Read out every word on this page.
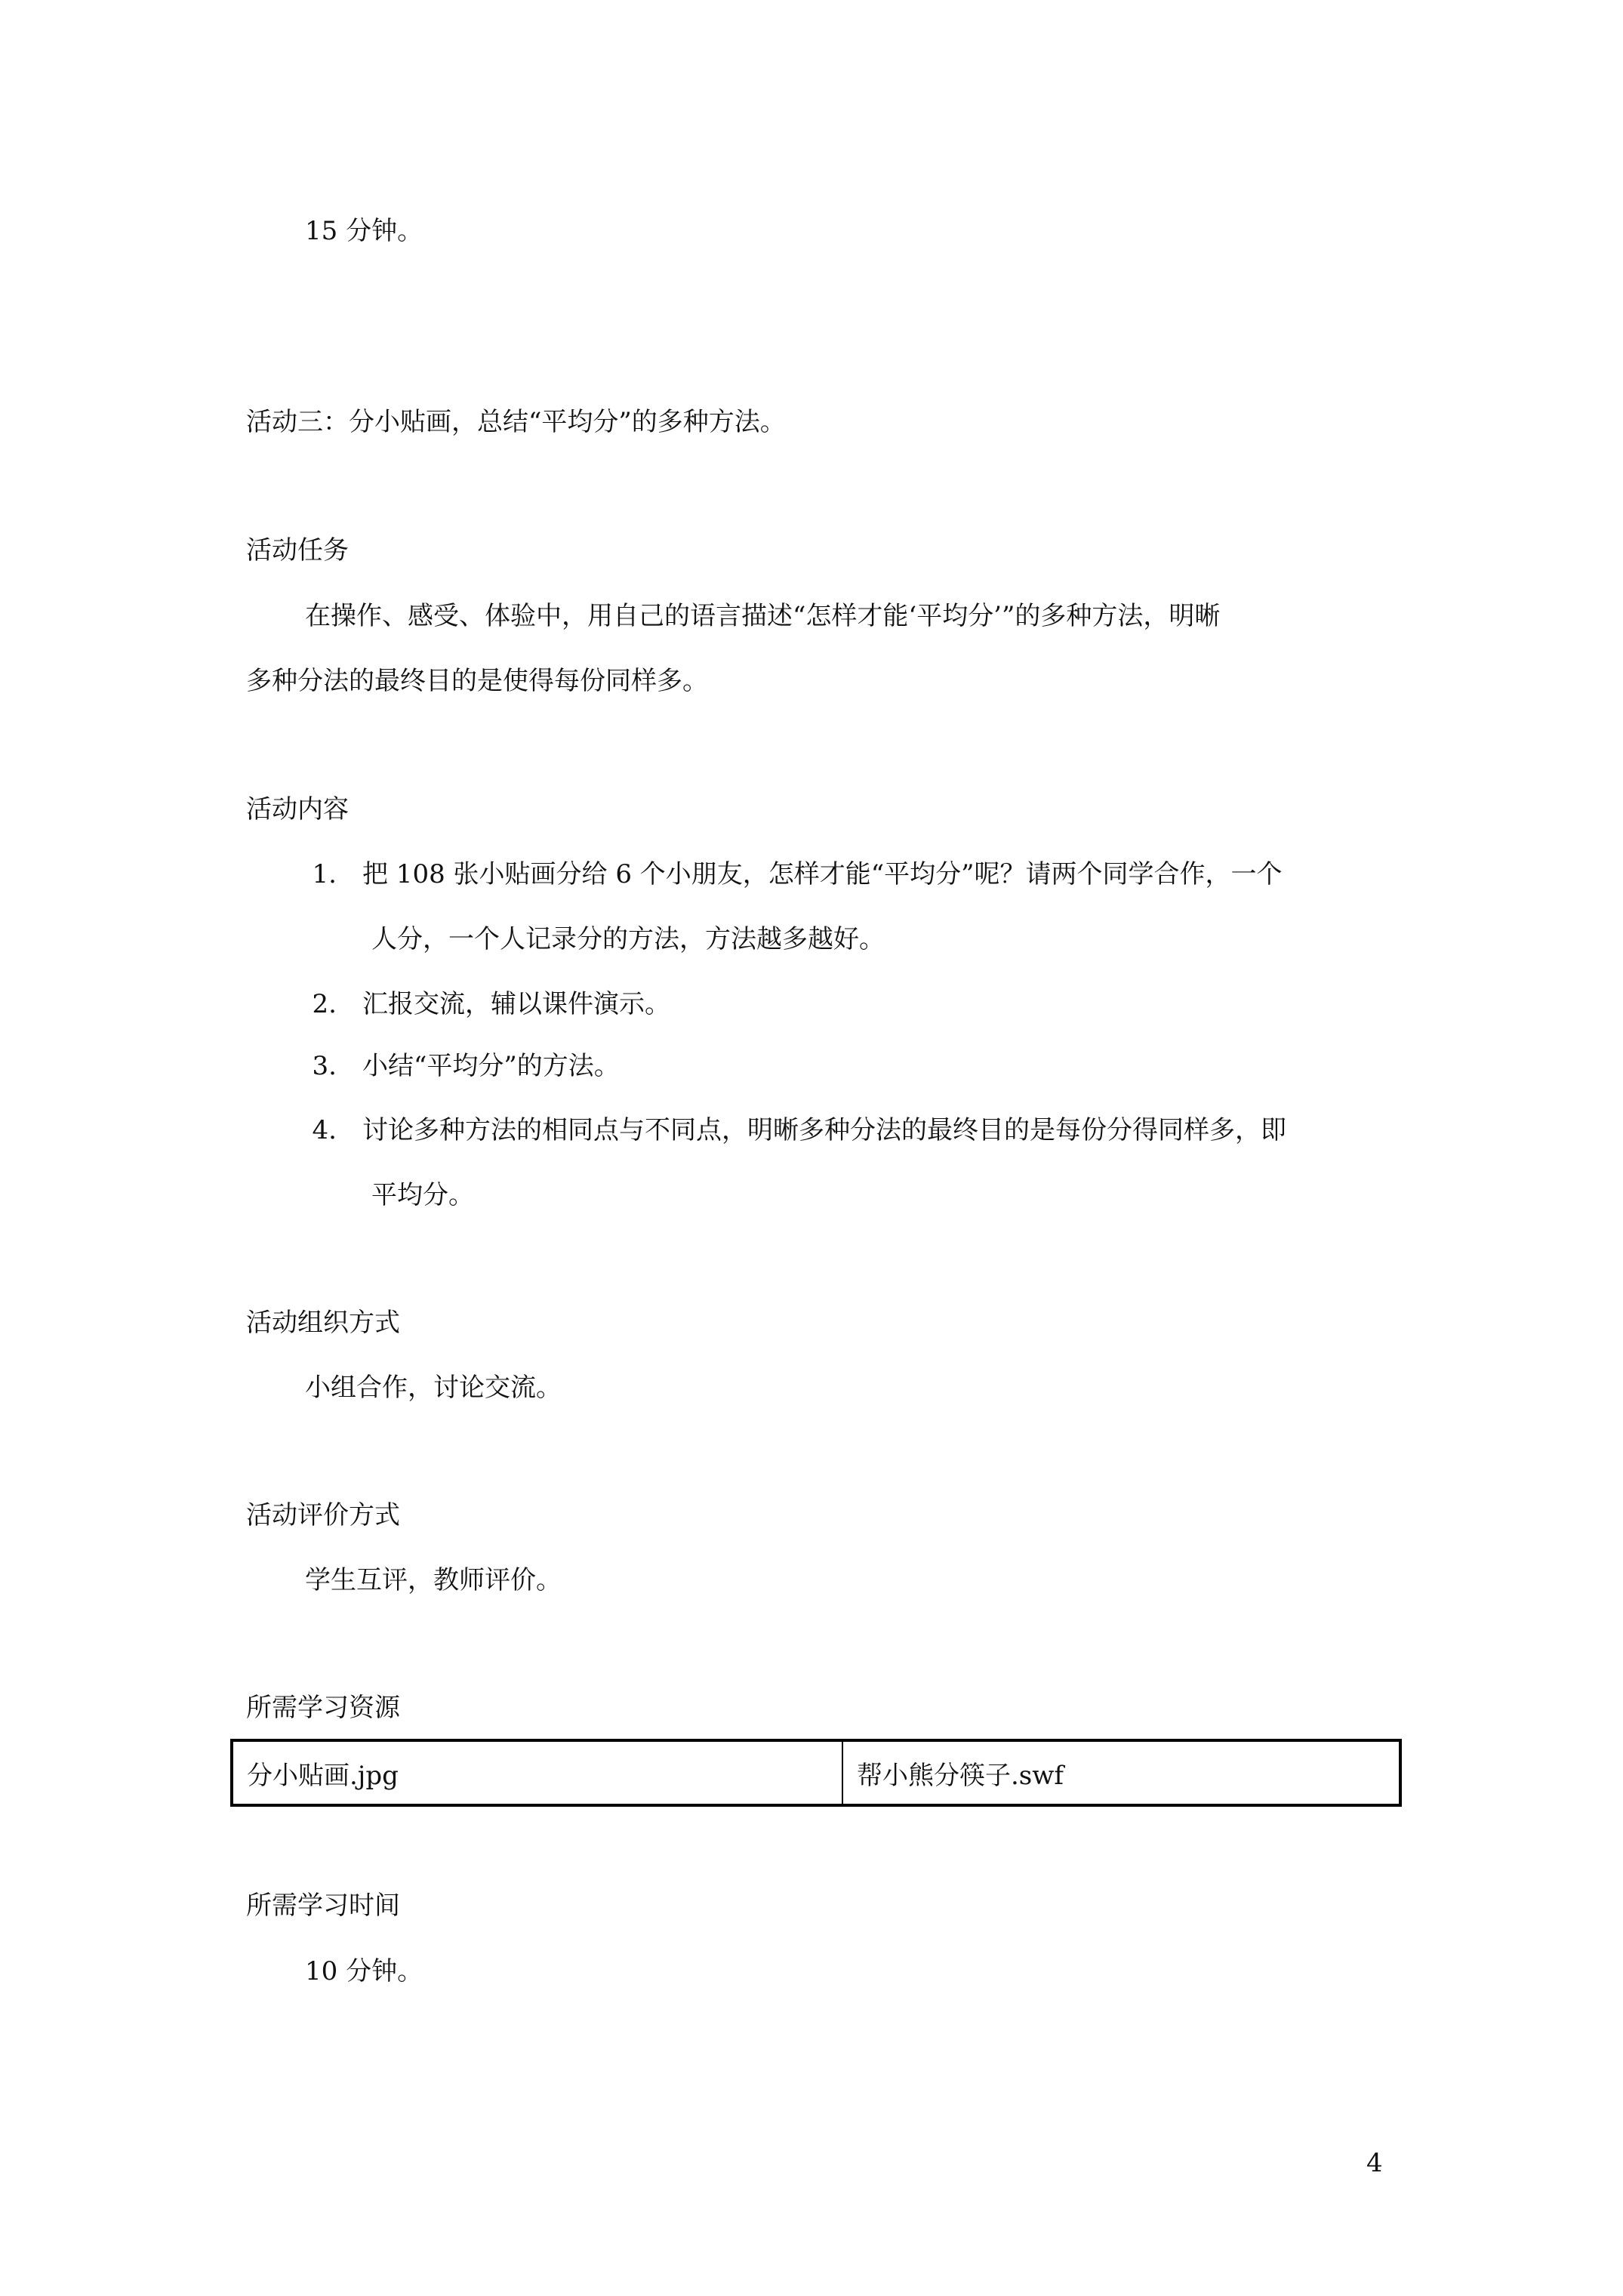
15 分钟。

活动三：分小贴画，总结“平均分”的多种方法。

活动任务

在操作、感受、体验中，用自己的语言描述“怎样才能‘平均分’”的多种方法，明晰

多种分法的最终目的是使得每份同样多。

活动内容

1. 把 108 张小贴画分给 6 个小朋友，怎样才能“平均分”呢？请两个同学合作，一个

人分，一个人记录分的方法，方法越多越好。

2. 汇报交流，辅以课件演示。

3. 小结“平均分”的方法。

4. 讨论多种方法的相同点与不同点，明晰多种分法的最终目的是每份分得同样多，即

平均分。

活动组织方式

小组合作，讨论交流。

活动评价方式

学生互评，教师评价。

所需学习资源

分小贴画.jpg	帮小熊分筷子.swf

所需学习时间

10 分钟。

4
